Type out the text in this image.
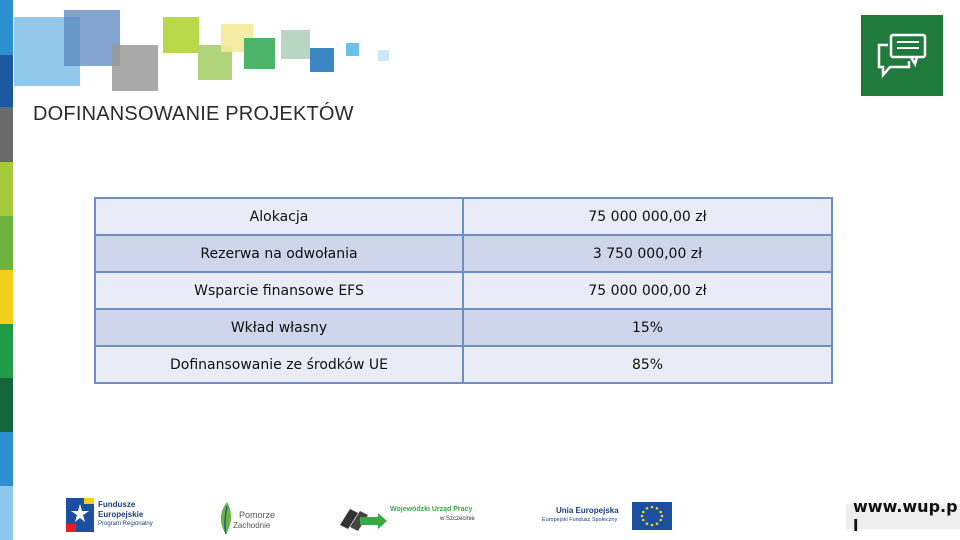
DOFINANSOWANIE PROJEKTÓW
Alokacja	75 000 000,00 zł
Rezerwa na odwołania	3 750 000,00 zł
Wsparcie finansowe EFS	75 000 000,00 zł
Wkład własny	15%
Dofinansowanie ze środków UE	85%
Fundusze
Europejskie
Program Regionalny
Pomorze
Zachodnie
Wojewódzki Urząd Pracy
w Szczecinie
Unia Europejska
Europejski Fundusz Społeczny
www.wup.pl
